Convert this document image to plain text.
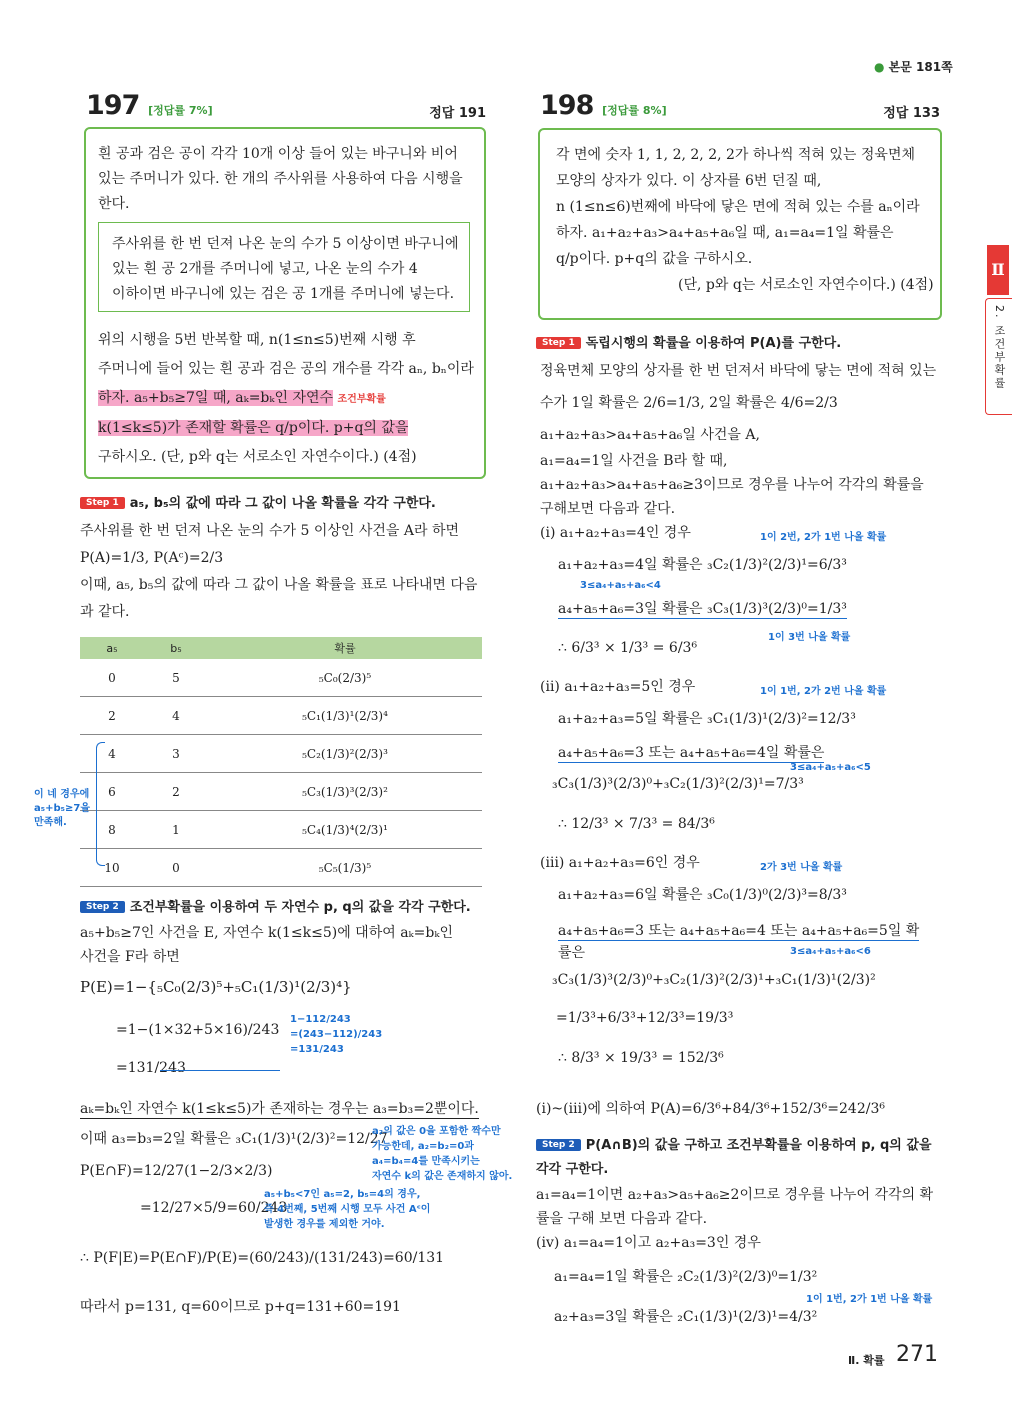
● 본문 181쪽
Ⅱ
2. 조건부확률
197 [정답률 7%]	정답 191
흰 공과 검은 공이 각각 10개 이상 들어 있는 바구니와 비어
있는 주머니가 있다. 한 개의 주사위를 사용하여 다음 시행을
한다.
주사위를 한 번 던져 나온 눈의 수가 5 이상이면 바구니에
있는 흰 공 2개를 주머니에 넣고, 나온 눈의 수가 4
이하이면 바구니에 있는 검은 공 1개를 주머니에 넣는다.
위의 시행을 5번 반복할 때, n(1≤n≤5)번째 시행 후
주머니에 들어 있는 흰 공과 검은 공의 개수를 각각 aₙ, bₙ이라
하자. a₅+b₅≥7일 때, aₖ=bₖ인 자연수 조건부확률
k(1≤k≤5)가 존재할 확률은 q/p이다. p+q의 값을
구하시오. (단, p와 q는 서로소인 자연수이다.) (4점)
Step 1 a₅, b₅의 값에 따라 그 값이 나올 확률을 각각 구한다.
주사위를 한 번 던져 나온 눈의 수가 5 이상인 사건을 A라 하면
P(A)=1/3, P(Aᶜ)=2/3
이때, a₅, b₅의 값에 따라 그 값이 나올 확률을 표로 나타내면 다음
과 같다.
a₅	b₅	확률
0	5	₅C₀(2/3)⁵
2	4	₅C₁(1/3)¹(2/3)⁴
4	3	₅C₂(1/3)²(2/3)³
6	2	₅C₃(1/3)³(2/3)²
8	1	₅C₄(1/3)⁴(2/3)¹
10	0	₅C₅(1/3)⁵
이 네 경우에
a₅+b₅≥7을
만족해.
Step 2 조건부확률을 이용하여 두 자연수 p, q의 값을 각각 구한다.
a₅+b₅≥7인 사건을 E, 자연수 k(1≤k≤5)에 대하여 aₖ=bₖ인
사건을 F라 하면
P(E)=1−{₅C₀(2/3)⁵+₅C₁(1/3)¹(2/3)⁴}
=1−(1×32+5×16)/243
=131/243
1−112/243
=(243−112)/243
=131/243
aₖ=bₖ인 자연수 k(1≤k≤5)가 존재하는 경우는 a₃=b₃=2뿐이다.
이때 a₃=b₃=2일 확률은 ₃C₁(1/3)¹(2/3)²=12/27
P(E∩F)=12/27(1−2/3×2/3)
=12/27×5/9=60/243
∴ P(F|E)=P(E∩F)/P(E)=(60/243)/(131/243)=60/131
따라서 p=131, q=60이므로 p+q=131+60=191
a₂의 값은 0을 포함한 짝수만
가능한데, a₂=b₂=0과
a₄=b₄=4를 만족시키는
자연수 k의 값은 존재하지 않아.
a₅+b₅<7인 a₅=2, b₅=4의 경우,
즉 4번째, 5번째 시행 모두 사건 Aᶜ이
발생한 경우를 제외한 거야.
198 [정답률 8%]	정답 133
각 면에 숫자 1, 1, 2, 2, 2, 2가 하나씩 적혀 있는 정육면체
모양의 상자가 있다. 이 상자를 6번 던질 때,
n (1≤n≤6)번째에 바닥에 닿은 면에 적혀 있는 수를 aₙ이라
하자. a₁+a₂+a₃>a₄+a₅+a₆일 때, a₁=a₄=1일 확률은
q/p이다. p+q의 값을 구하시오.
(단, p와 q는 서로소인 자연수이다.) (4점)
Step 1 독립시행의 확률을 이용하여 P(A)를 구한다.
정육면체 모양의 상자를 한 번 던져서 바닥에 닿는 면에 적혀 있는
수가 1일 확률은 2/6=1/3, 2일 확률은 4/6=2/3
a₁+a₂+a₃>a₄+a₅+a₆일 사건을 A,
a₁=a₄=1일 사건을 B라 할 때,
a₁+a₂+a₃>a₄+a₅+a₆≥3이므로 경우를 나누어 각각의 확률을
구해보면 다음과 같다.
(ⅰ) a₁+a₂+a₃=4인 경우	1이 2번, 2가 1번 나올 확률
a₁+a₂+a₃=4일 확률은 ₃C₂(1/3)²(2/3)¹=6/3³
3≤a₄+a₅+a₆<4
a₄+a₅+a₆=3일 확률은 ₃C₃(1/3)³(2/3)⁰=1/3³
1이 3번 나올 확률
∴ 6/3³ × 1/3³ = 6/3⁶
(ⅱ) a₁+a₂+a₃=5인 경우	1이 1번, 2가 2번 나올 확률
a₁+a₂+a₃=5일 확률은 ₃C₁(1/3)¹(2/3)²=12/3³
a₄+a₅+a₆=3 또는 a₄+a₅+a₆=4일 확률은
3≤a₄+a₅+a₆<5
₃C₃(1/3)³(2/3)⁰+₃C₂(1/3)²(2/3)¹=7/3³
∴ 12/3³ × 7/3³ = 84/3⁶
(ⅲ) a₁+a₂+a₃=6인 경우	2가 3번 나올 확률
a₁+a₂+a₃=6일 확률은 ₃C₀(1/3)⁰(2/3)³=8/3³
a₄+a₅+a₆=3 또는 a₄+a₅+a₆=4 또는 a₄+a₅+a₆=5일 확
률은	3≤a₄+a₅+a₆<6
₃C₃(1/3)³(2/3)⁰+₃C₂(1/3)²(2/3)¹+₃C₁(1/3)¹(2/3)²
=1/3³+6/3³+12/3³=19/3³
∴ 8/3³ × 19/3³ = 152/3⁶
(ⅰ)~(ⅲ)에 의하여 P(A)=6/3⁶+84/3⁶+152/3⁶=242/3⁶
Step 2 P(A∩B)의 값을 구하고 조건부확률을 이용하여 p, q의 값을
각각 구한다.
a₁=a₄=1이면 a₂+a₃>a₅+a₆≥2이므로 경우를 나누어 각각의 확
률을 구해 보면 다음과 같다.
(ⅳ) a₁=a₄=1이고 a₂+a₃=3인 경우
a₁=a₄=1일 확률은 ₂C₂(1/3)²(2/3)⁰=1/3²
1이 1번, 2가 1번 나올 확률
a₂+a₃=3일 확률은 ₂C₁(1/3)¹(2/3)¹=4/3²
Ⅱ. 확률 271
